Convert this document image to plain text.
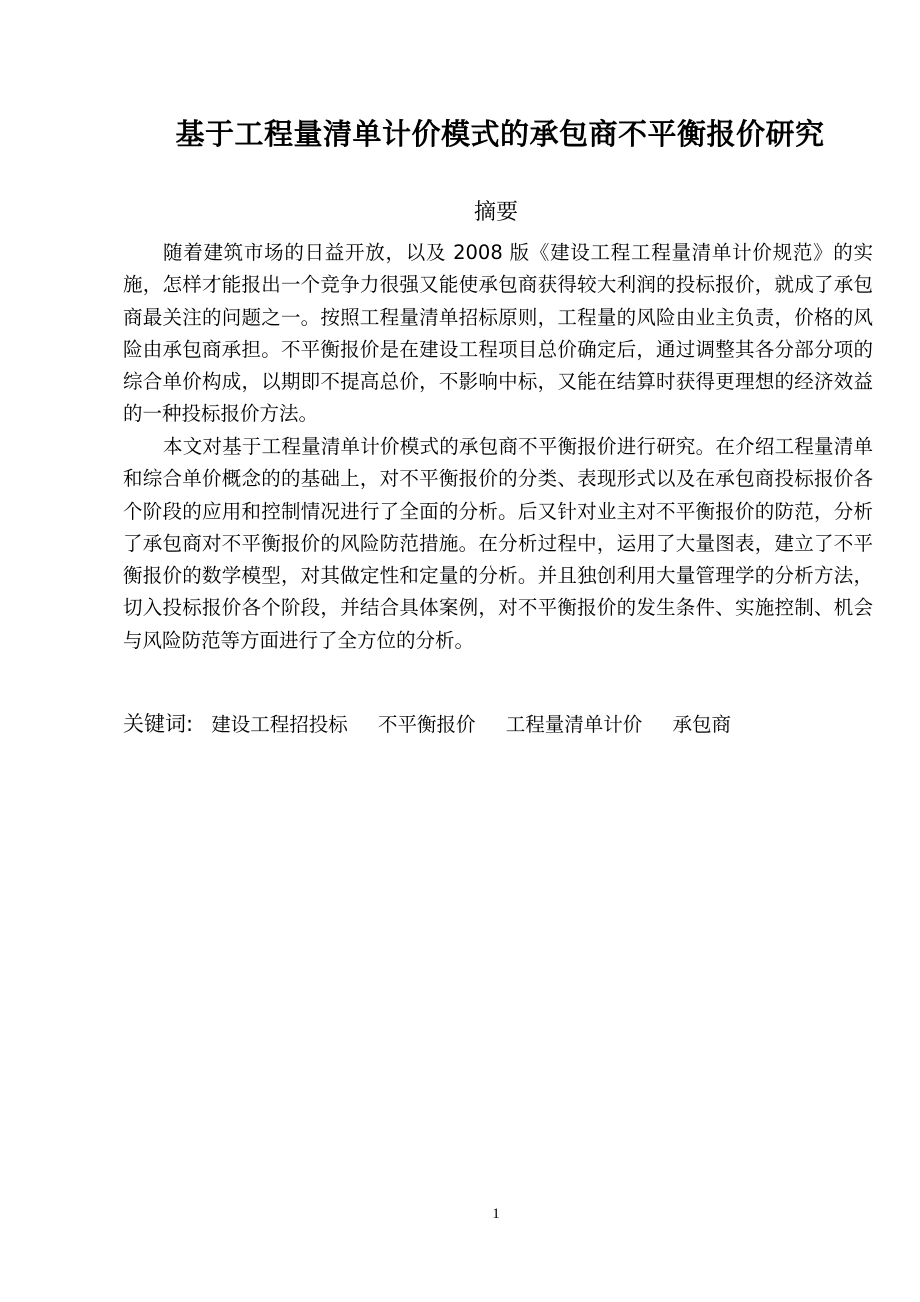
基于工程量清单计价模式的承包商不平衡报价研究
摘要

随着建筑市场的日益开放，以及 2008 版《建设工程工程量清单计价规范》的实施，怎样才能报出一个竞争力很强又能使承包商获得较大利润的投标报价，就成了承包商最关注的问题之一。按照工程量清单招标原则，工程量的风险由业主负责，价格的风险由承包商承担。不平衡报价是在建设工程项目总价确定后，通过调整其各分部分项的综合单价构成，以期即不提高总价，不影响中标，又能在结算时获得更理想的经济效益的一种投标报价方法。

本文对基于工程量清单计价模式的承包商不平衡报价进行研究。在介绍工程量清单和综合单价概念的的基础上，对不平衡报价的分类、表现形式以及在承包商投标报价各个阶段的应用和控制情况进行了全面的分析。后又针对业主对不平衡报价的防范，分析了承包商对不平衡报价的风险防范措施。在分析过程中，运用了大量图表，建立了不平衡报价的数学模型，对其做定性和定量的分析。并且独创利用大量管理学的分析方法，切入投标报价各个阶段，并结合具体案例，对不平衡报价的发生条件、实施控制、机会与风险防范等方面进行了全方位的分析。

关键词: 建设工程招投标 不平衡报价 工程量清单计价 承包商
1
